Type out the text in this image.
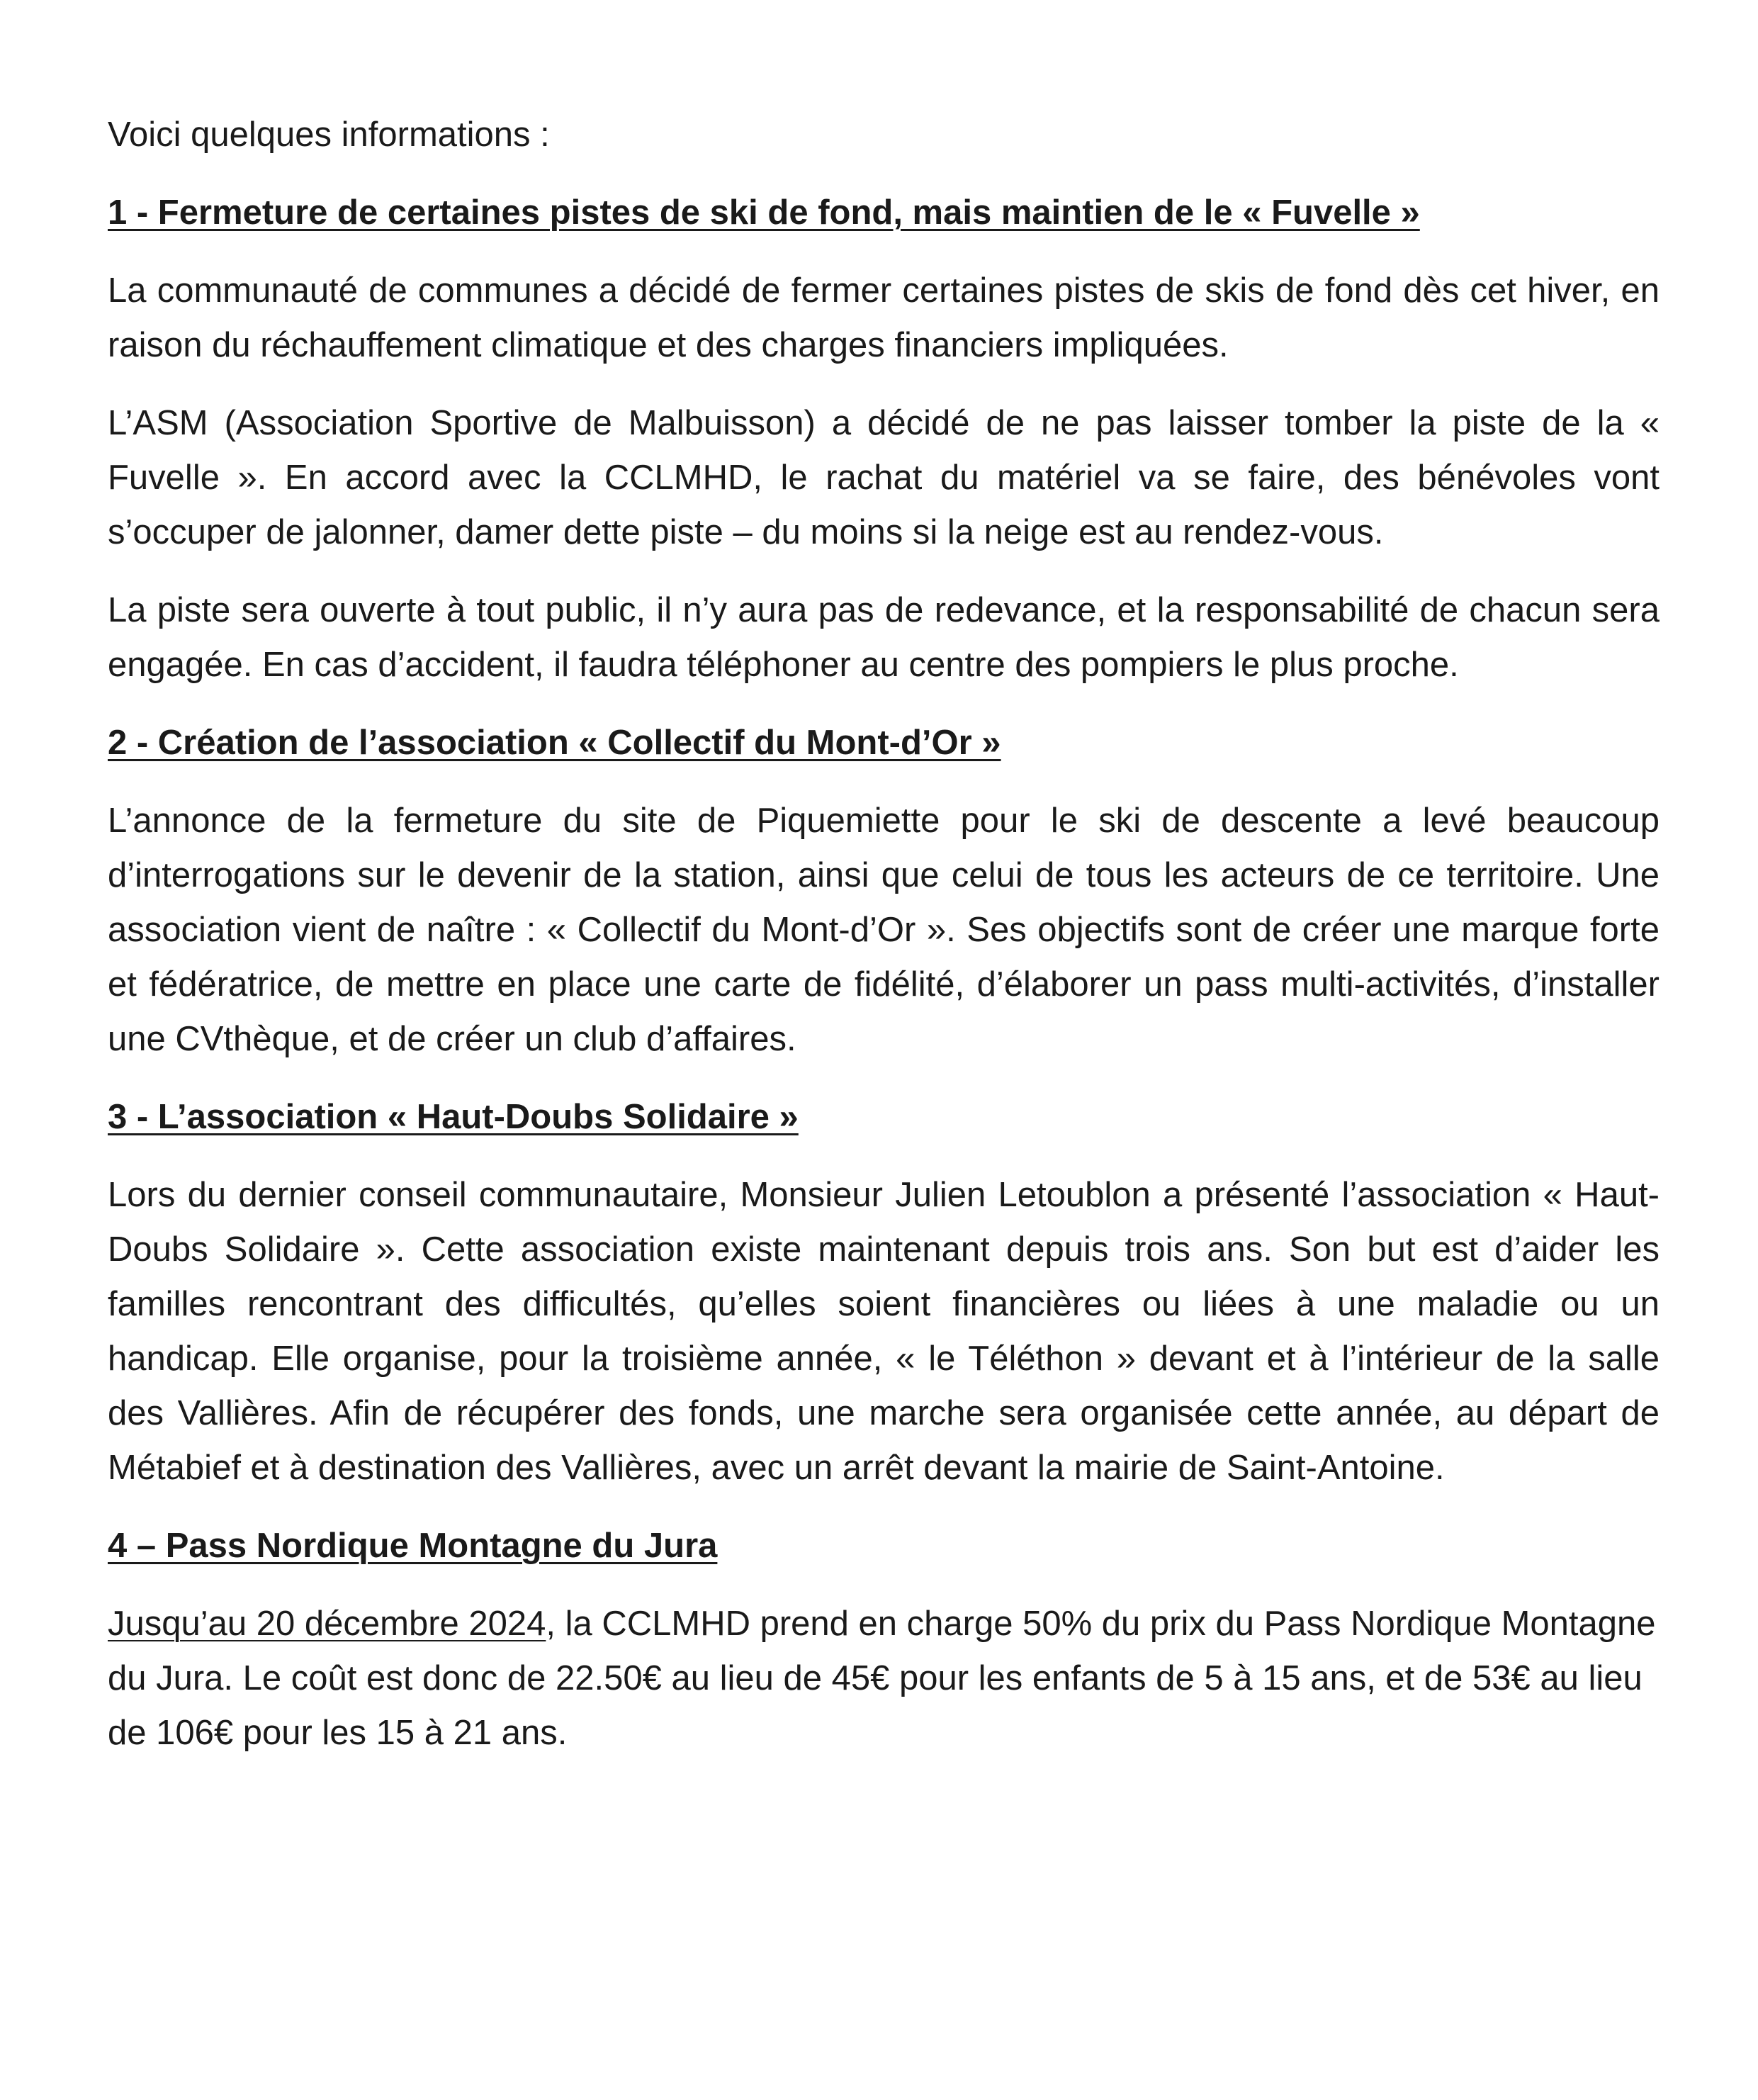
Voici quelques informations :

1 - Fermeture de certaines pistes de ski de fond, mais maintien de le « Fuvelle »

La communauté de communes a décidé de fermer certaines pistes de skis de fond dès cet hiver, en raison du réchauffement climatique et des charges financiers impliquées.

L’ASM (Association Sportive de Malbuisson) a décidé de ne pas laisser tomber la piste de la « Fuvelle ». En accord avec la CCLMHD, le rachat du matériel va se faire, des bénévoles vont s’occuper de jalonner, damer dette piste – du moins si la neige est au rendez-vous.

La piste sera ouverte à tout public, il n’y aura pas de redevance, et la responsabilité de chacun sera engagée. En cas d’accident, il faudra téléphoner au centre des pompiers le plus proche.

2 - Création de l’association « Collectif du Mont-d’Or »

L’annonce de la fermeture du site de Piquemiette pour le ski de descente a levé beaucoup d’interrogations sur le devenir de la station, ainsi que celui de tous les acteurs de ce territoire. Une association vient de naître : « Collectif du Mont-d’Or ». Ses objectifs sont de créer une marque forte et fédératrice, de mettre en place une carte de fidélité, d’élaborer un pass multi-activités, d’installer une CVthèque, et de créer un club d’affaires.

3 - L’association « Haut-Doubs Solidaire »

Lors du dernier conseil communautaire, Monsieur Julien Letoublon a présenté l’association « Haut-Doubs Solidaire ». Cette association existe maintenant depuis trois ans. Son but est d’aider les familles rencontrant des difficultés, qu’elles soient financières ou liées à une maladie ou un handicap. Elle organise, pour la troisième année, « le Téléthon » devant et à l’intérieur de la salle des Vallières. Afin de récupérer des fonds, une marche sera organisée cette année, au départ de Métabief et à destination des Vallières, avec un arrêt devant la mairie de Saint-Antoine.

4 – Pass Nordique Montagne du Jura

Jusqu’au 20 décembre 2024, la CCLMHD prend en charge 50% du prix du Pass Nordique Montagne du Jura. Le coût est donc de 22.50€ au lieu de 45€ pour les enfants de 5 à 15 ans, et de 53€ au lieu de 106€ pour les 15 à 21 ans.
